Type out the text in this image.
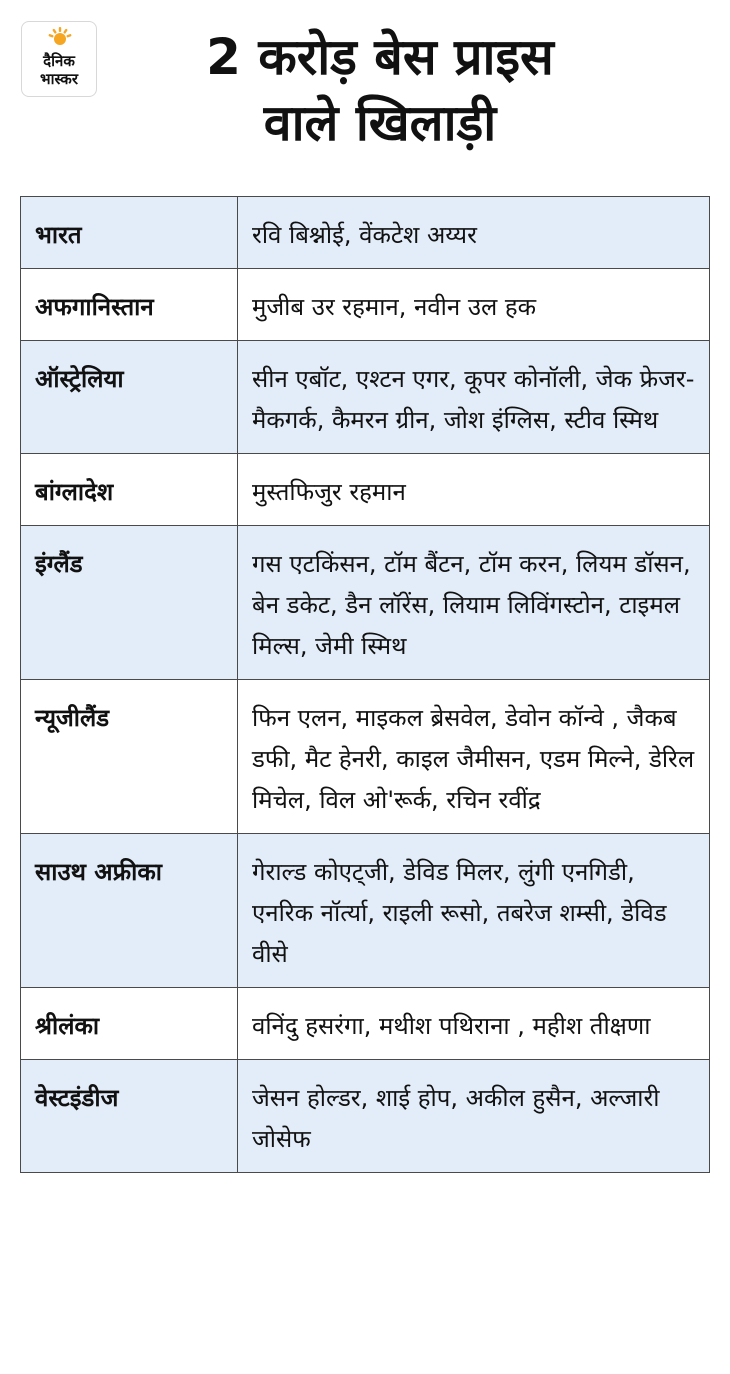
दैनिक
भास्कर	2 करोड़ बेस प्राइस
वाले खिलाड़ी
भारत	रवि बिश्नोई, वेंकटेश अय्यर
अफगानिस्तान	मुजीब उर रहमान, नवीन उल हक
ऑस्ट्रेलिया	सीन एबॉट, एश्टन एगर, कूपर कोनॉली, जेक फ्रेजर-मैकगर्क, कैमरन ग्रीन, जोश इंग्लिस, स्टीव स्मिथ
बांग्लादेश	मुस्तफिजुर रहमान
इंग्लैंड	गस एटकिंसन, टॉम बैंटन, टॉम करन, लियम डॉसन, बेन डकेट, डैन लॉरेंस, लियाम लिविंगस्टोन, टाइमल मिल्स, जेमी स्मिथ
न्यूजीलैंड	फिन एलन, माइकल ब्रेसवेल, डेवोन कॉन्वे , जैकब डफी, मैट हेनरी, काइल जैमीसन, एडम मिल्ने, डेरिल मिचेल, विल ओ'रूर्क, रचिन रवींद्र
साउथ अफ्रीका	गेराल्ड कोएट्जी, डेविड मिलर, लुंगी एनगिडी, एनरिक नॉर्त्या, राइली रूसो, तबरेज शम्सी, डेविड वीसे
श्रीलंका	वनिंदु हसरंगा, मथीश पथिराना , महीश तीक्षणा
वेस्टइंडीज	जेसन होल्डर, शाई होप, अकील हुसैन, अल्जारी जोसेफ
